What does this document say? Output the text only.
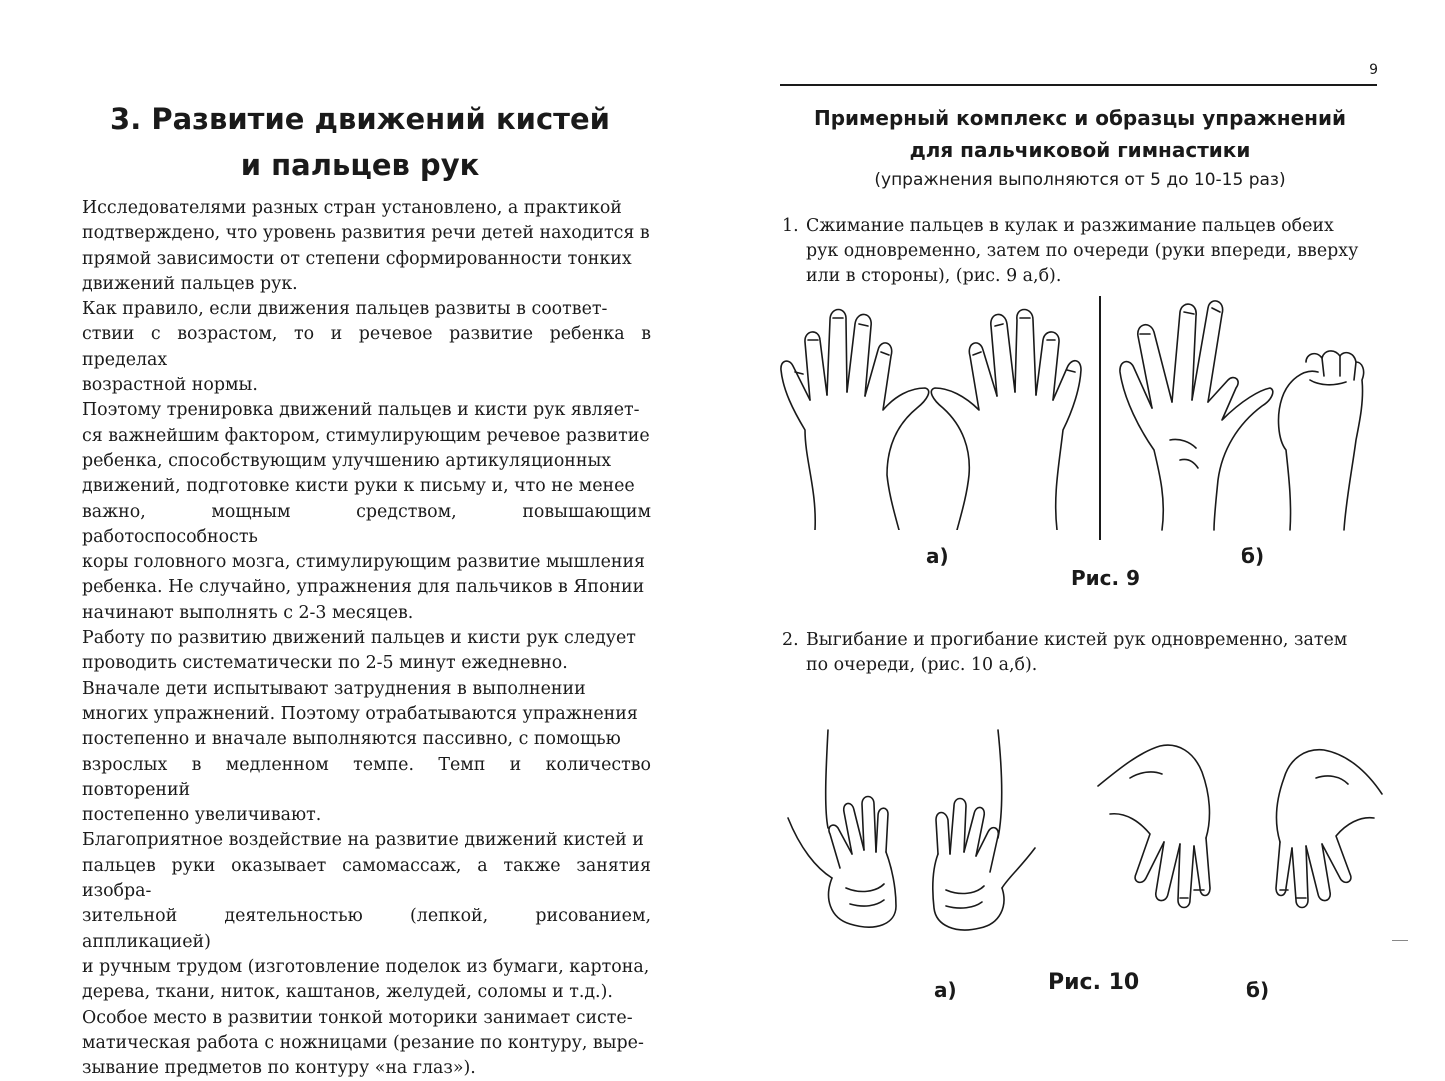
3. Развитие движений кистей
и пальцев рук

Исследователями разных стран установлено, а практикой
подтверждено, что уровень развития речи детей находится в
прямой зависимости от степени сформированности тонких
движений пальцев рук.

Как правило, если движения пальцев развиты в соответ-
ствии с возрастом, то и речевое развитие ребенка в пределах
возрастной нормы.

Поэтому тренировка движений пальцев и кисти рук являет-
ся важнейшим фактором, стимулирующим речевое развитие
ребенка, способствующим улучшению артикуляционных
движений, подготовке кисти руки к письму и, что не менее
важно, мощным средством, повышающим работоспособность
коры головного мозга, стимулирующим развитие мышления
ребенка. Не случайно, упражнения для пальчиков в Японии
начинают выполнять с 2-3 месяцев.

Работу по развитию движений пальцев и кисти рук следует
проводить систематически по 2-5 минут ежедневно.

Вначале дети испытывают затруднения в выполнении
многих упражнений. Поэтому отрабатываются упражнения
постепенно и вначале выполняются пассивно, с помощью
взрослых в медленном темпе. Темп и количество повторений
постепенно увеличивают.

Благоприятное воздействие на развитие движений кистей и
пальцев руки оказывает самомассаж, а также занятия изобра-
зительной деятельностью (лепкой, рисованием, аппликацией)
и ручным трудом (изготовление поделок из бумаги, картона,
дерева, ткани, ниток, каштанов, желудей, соломы и т.д.).

Особое место в развитии тонкой моторики занимает систе-
матическая работа с ножницами (резание по контуру, выре-
зывание предметов по контуру «на глаз»).

9
Примерный комплекс и образцы упражнений
для пальчиковой гимнастики
(упражнения выполняются от 5 до 10-15 раз)
1. Сжимание пальцев в кулак и разжимание пальцев обеих
рук одновременно, затем по очереди (руки впереди, вверху
или в стороны), (рис. 9 а,б).
а)	б)
Рис. 9
2. Выгибание и прогибание кистей рук одновременно, затем
по очереди, (рис. 10 а,б).
а)	Рис. 10	б)
